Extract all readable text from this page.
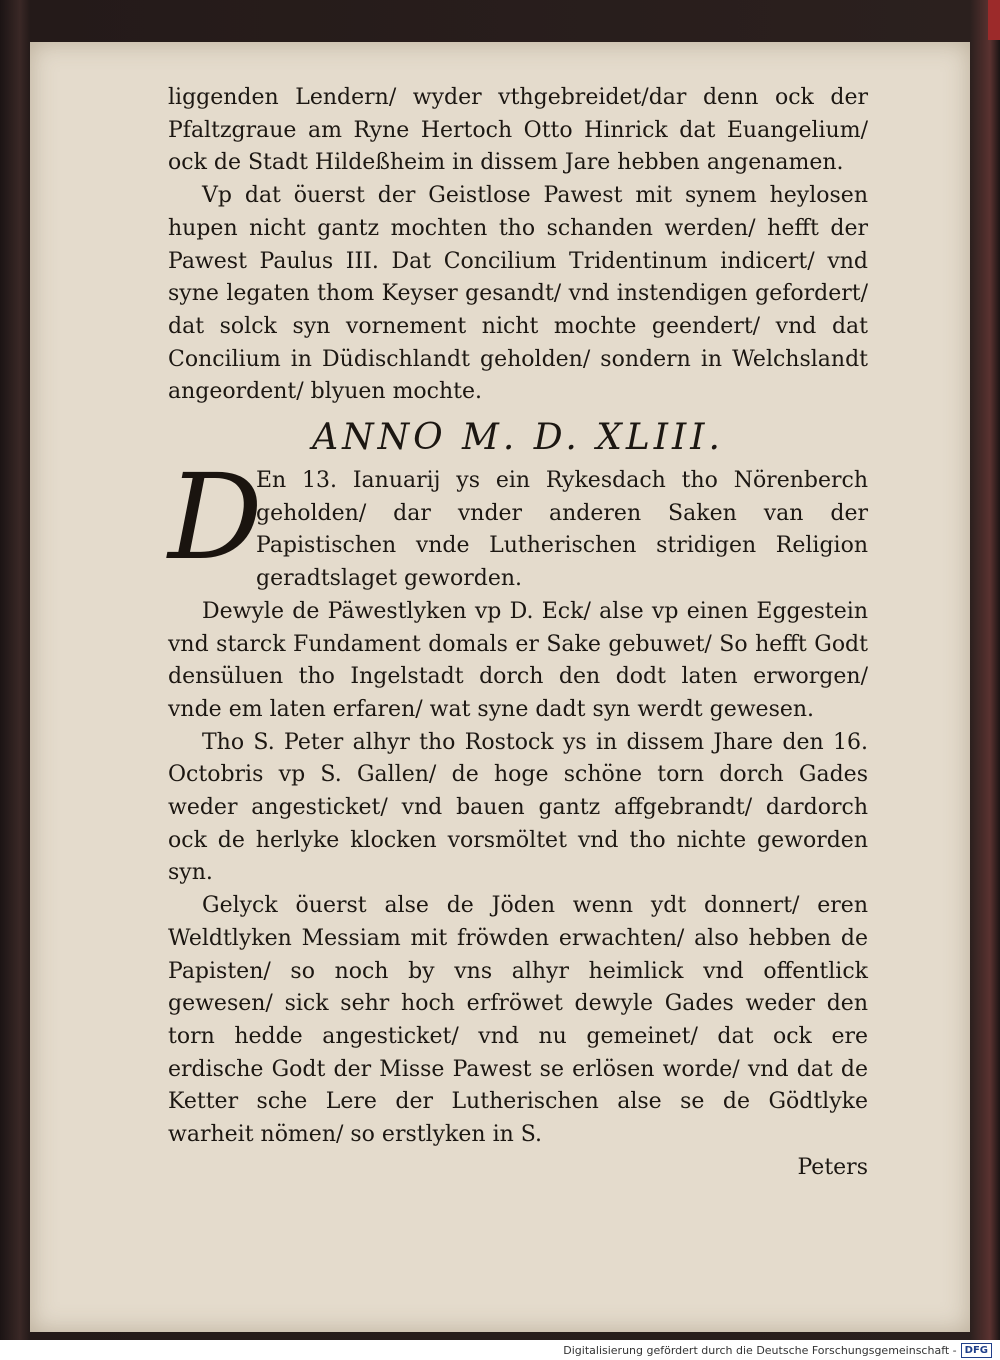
liggenden Lendern/ wyder vthgebreidet/dar denn ock der Pfaltzgraue am Ryne Hertoch Otto Hinrick dat Euangelium/ ock de Stadt Hildeßheim in dissem Jare hebben angenamen.

Vp dat öuerst der Geistlose Pawest mit synem heylosen hupen nicht gantz mochten tho schanden werden/ hefft der Pawest Paulus III. Dat Concilium Tridentinum indicert/ vnd syne legaten thom Keyser gesandt/ vnd instendigen gefordert/ dat solck syn vornement nicht mochte geendert/ vnd dat Concilium in Düdischlandt geholden/ sondern in Welchslandt angeordent/ blyuen mochte.

ANNO M. D. XLIII.

D
En 13. Ianuarij ys ein Rykesdach tho Nörenberch geholden/ dar vnder anderen Saken van der Papistischen vnde Lutherischen stridigen Religion geradtslaget geworden.

Dewyle de Päwestlyken vp D. Eck/ alse vp einen Eggestein vnd starck Fundament domals er Sake gebuwet/ So hefft Godt densüluen tho Ingelstadt dorch den dodt laten erworgen/ vnde em laten erfaren/ wat syne dadt syn werdt gewesen.

Tho S. Peter alhyr tho Rostock ys in dissem Jhare den 16. Octobris vp S. Gallen/ de hoge schöne torn dorch Gades weder angesticket/ vnd bauen gantz affgebrandt/ dardorch ock de herlyke klocken vorsmöltet vnd tho nichte geworden syn.

Gelyck öuerst alse de Jöden wenn ydt donnert/ eren Weldtlyken Messiam mit fröwden erwachten/ also hebben de Papisten/ so noch by vns alhyr heimlick vnd offentlick gewesen/ sick sehr hoch erfröwet dewyle Gades weder den torn hedde angesticket/ vnd nu gemeinet/ dat ock ere erdische Godt der Misse Pawest se erlösen worde/ vnd dat de Ketter sche Lere der Lutherischen alse se de Gödtlyke warheit nömen/ so erstlyken in S.

Peters

Digitalisierung gefördert durch die Deutsche Forschungsgemeinschaft - DFG
